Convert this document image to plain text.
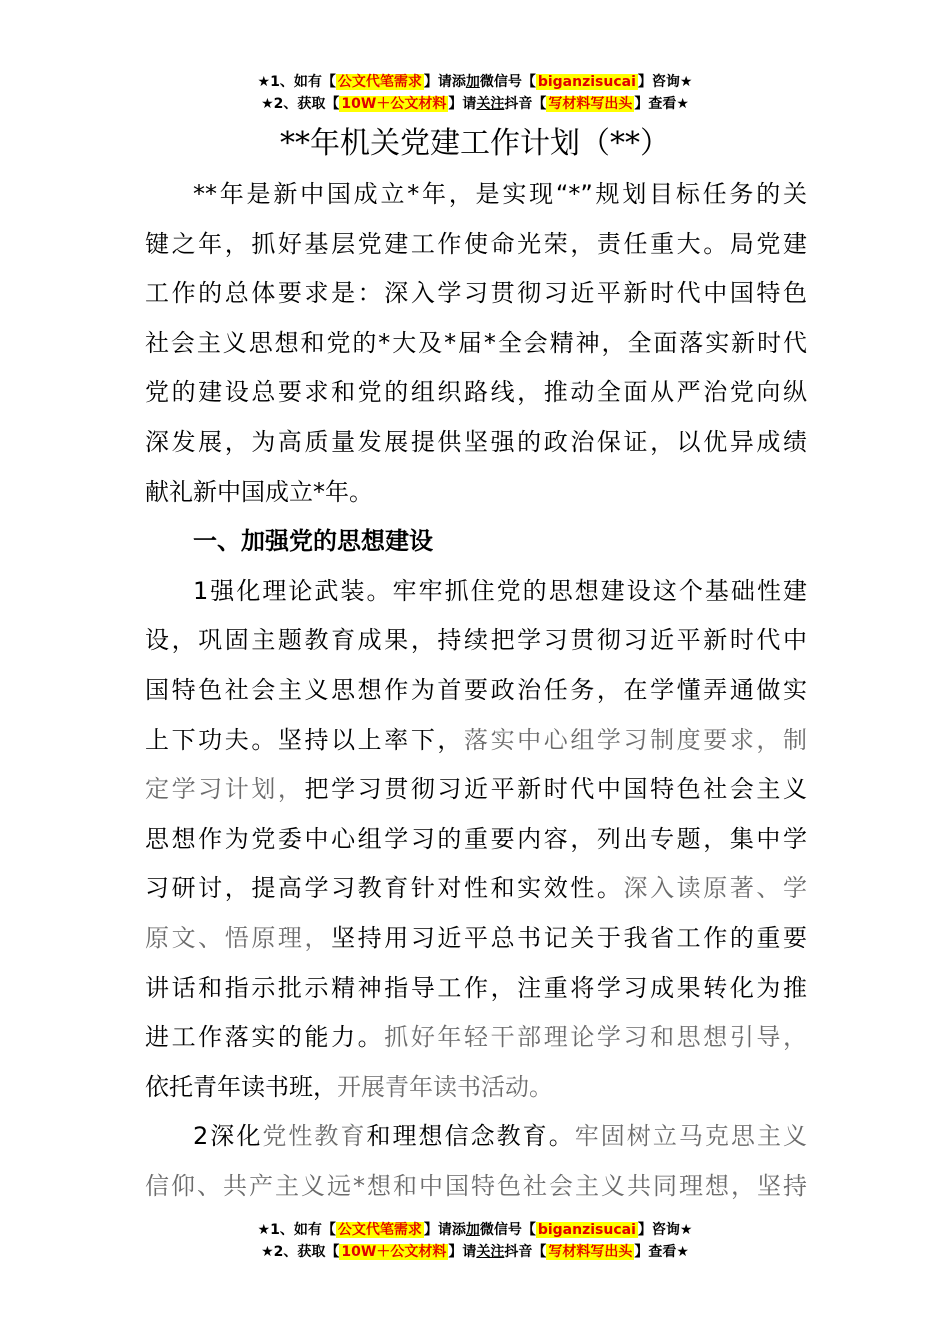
★1、如有【 公文代笔需求 】请添加微信号【 biganzisucai 】咨询★
★2、获取【 10W＋公文材料 】请关注抖音【 写材料写出头 】查看★
**年机关党建工作计划（**）
**年是新中国成立*年，是实现“*”规划目标任务的关
键之年，抓好基层党建工作使命光荣，责任重大。局党建
工作的总体要求是：深入学习贯彻习近平新时代中国特色
社会主义思想和党的*大及*届*全会精神，全面落实新时代
党的建设总要求和党的组织路线，推动全面从严治党向纵
深发展，为高质量发展提供坚强的政治保证，以优异成绩
献礼新中国成立*年。
一、加强党的思想建设
1强化理论武装。牢牢抓住党的思想建设这个基础性建
设，巩固主题教育成果，持续把学习贯彻习近平新时代中
国特色社会主义思想作为首要政治任务，在学懂弄通做实
上下功夫。坚持以上率下，落实中心组学习制度要求，制
定学习计划，把学习贯彻习近平新时代中国特色社会主义
思想作为党委中心组学习的重要内容，列出专题，集中学
习研讨，提高学习教育针对性和实效性。深入读原著、学
原文、悟原理，坚持用习近平总书记关于我省工作的重要
讲话和指示批示精神指导工作，注重将学习成果转化为推
进工作落实的能力。抓好年轻干部理论学习和思想引导，
依托青年读书班，开展青年读书活动。
2深化党性教育和理想信念教育。牢固树立马克思主义
信仰、共产主义远*想和中国特色社会主义共同理想，坚持
★1、如有【 公文代笔需求 】请添加微信号【 biganzisucai 】咨询★
★2、获取【 10W＋公文材料 】请关注抖音【 写材料写出头 】查看★
